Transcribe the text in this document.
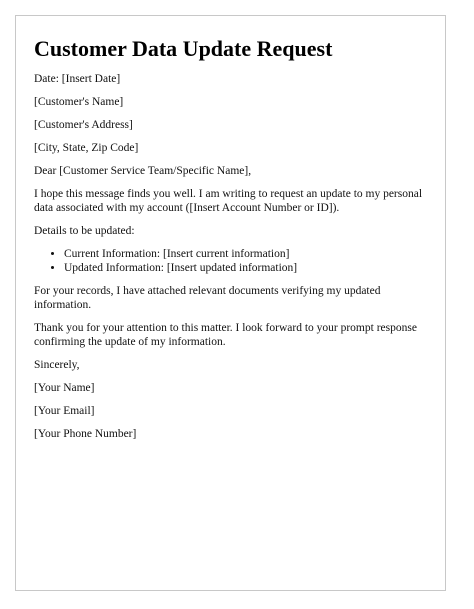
Customer Data Update Request

Date: [Insert Date]

[Customer's Name]

[Customer's Address]

[City, State, Zip Code]

Dear [Customer Service Team/Specific Name],

I hope this message finds you well. I am writing to request an update to my personal data associated with my account ([Insert Account Number or ID]).

Details to be updated:

• Current Information: [Insert current information]
• Updated Information: [Insert updated information]

For your records, I have attached relevant documents verifying my updated information.

Thank you for your attention to this matter. I look forward to your prompt response confirming the update of my information.

Sincerely,

[Your Name]

[Your Email]

[Your Phone Number]
